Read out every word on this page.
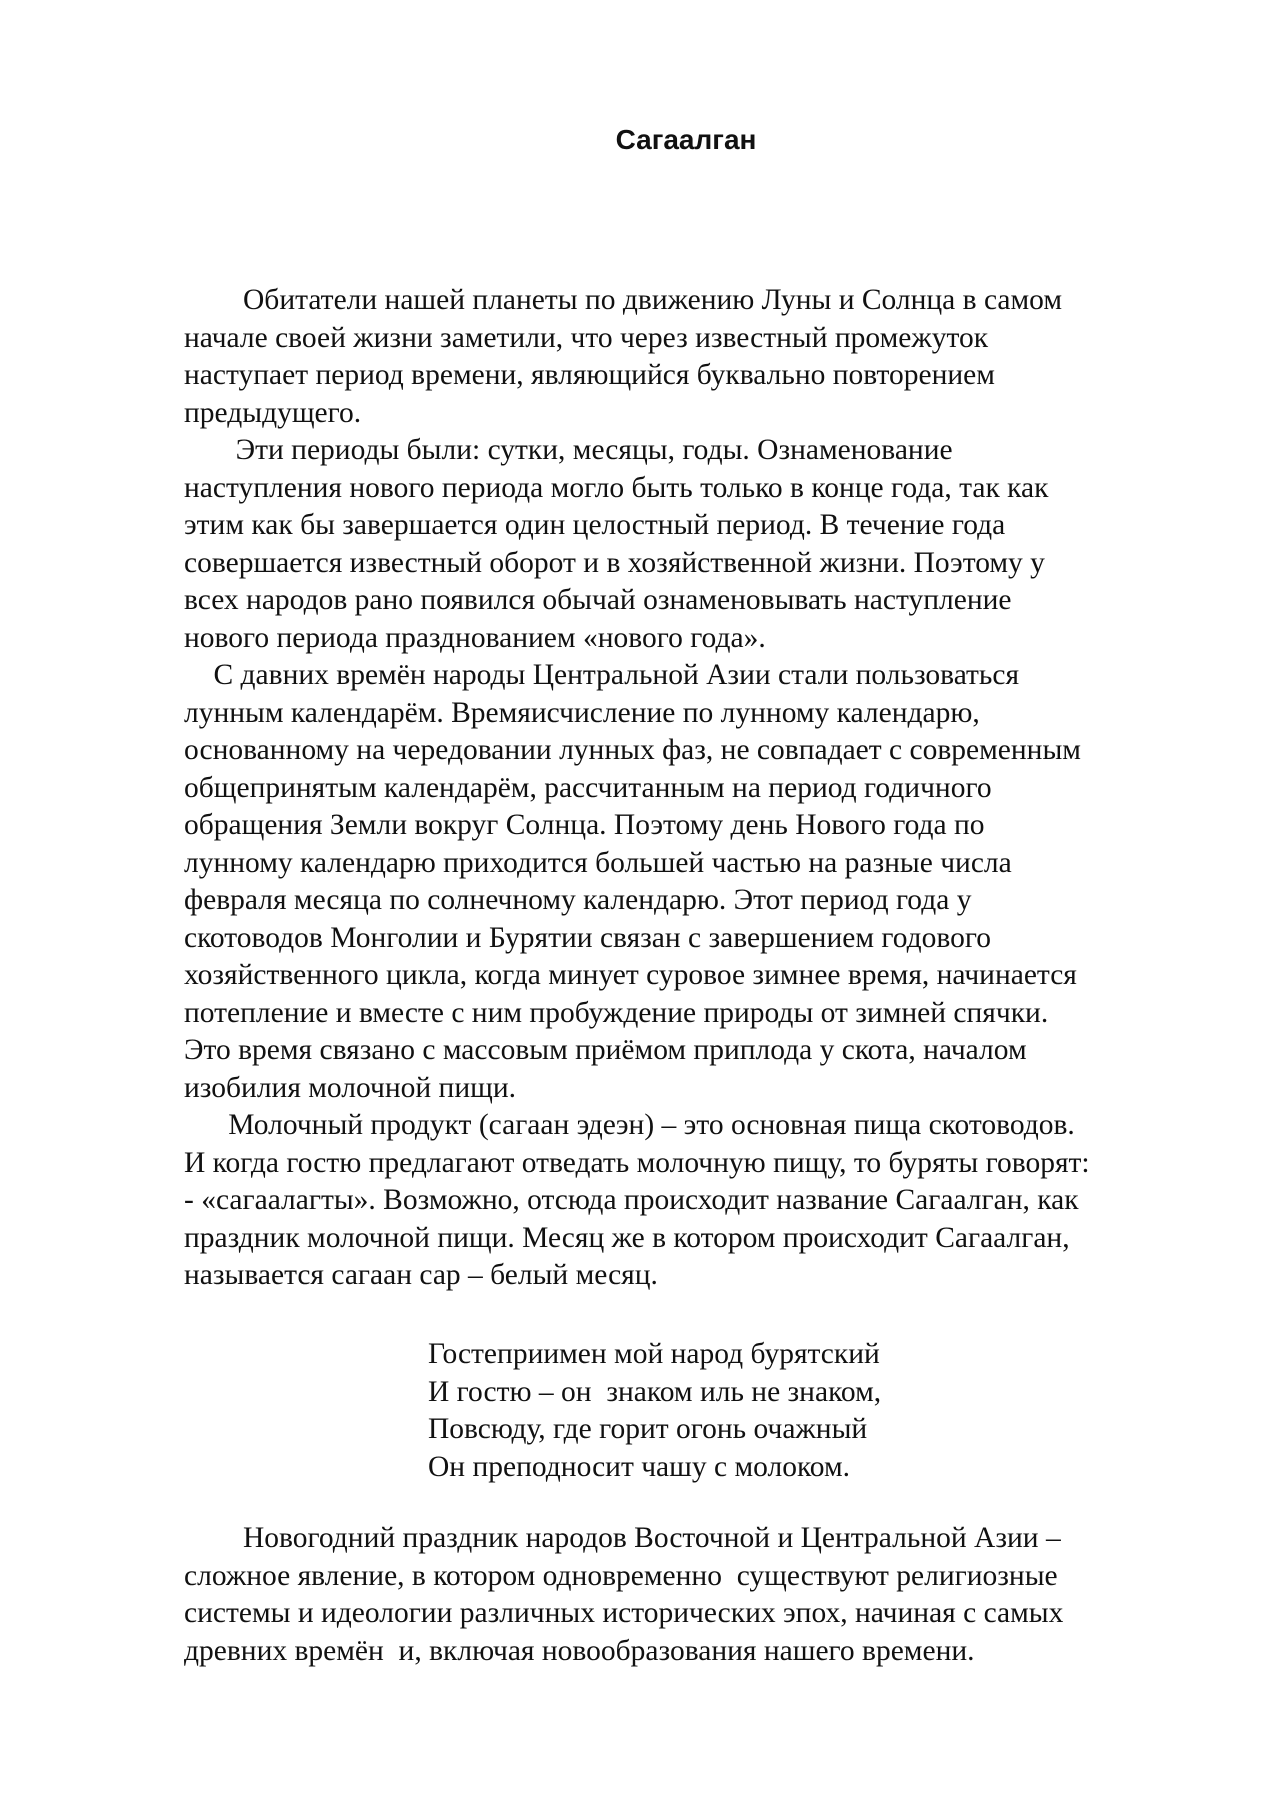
Сагаалган

Обитатели нашей планеты по движению Луны и Солнца в самом

начале своей жизни заметили, что через известный промежуток

наступает период времени, являющийся буквально повторением

предыдущего.

Эти периоды были: сутки, месяцы, годы. Ознаменование

наступления нового периода могло быть только в конце года, так как

этим как бы завершается один целостный период. В течение года

совершается известный оборот и в хозяйственной жизни. Поэтому у

всех народов рано появился обычай ознаменовывать наступление

нового периода празднованием «нового года».

С давних времён народы Центральной Азии стали пользоваться

лунным календарём. Времяисчисление по лунному календарю,

основанному на чередовании лунных фаз, не совпадает с современным

общепринятым календарём, рассчитанным на период годичного

обращения Земли вокруг Солнца. Поэтому день Нового года по

лунному календарю приходится большей частью на разные числа

февраля месяца по солнечному календарю. Этот период года у

скотоводов Монголии и Бурятии связан с завершением годового

хозяйственного цикла, когда минует суровое зимнее время, начинается

потепление и вместе с ним пробуждение природы от зимней спячки.

Это время связано с массовым приёмом приплода у скота, началом

изобилия молочной пищи.

Молочный продукт (сагаан эдеэн) – это основная пища скотоводов.

И когда гостю предлагают отведать молочную пищу, то буряты говорят:

- «сагаалагты». Возможно, отсюда происходит название Сагаалган, как

праздник молочной пищи. Месяц же в котором происходит Сагаалган,

называется сагаан сар – белый месяц.

Гостеприимен мой народ бурятский

И гостю – он  знаком иль не знаком,

Повсюду, где горит огонь очажный

Он преподносит чашу с молоком.

Новогодний праздник народов Восточной и Центральной Азии –

сложное явление, в котором одновременно  существуют религиозные

системы и идеологии различных исторических эпох, начиная с самых

древних времён  и, включая новообразования нашего времени.
